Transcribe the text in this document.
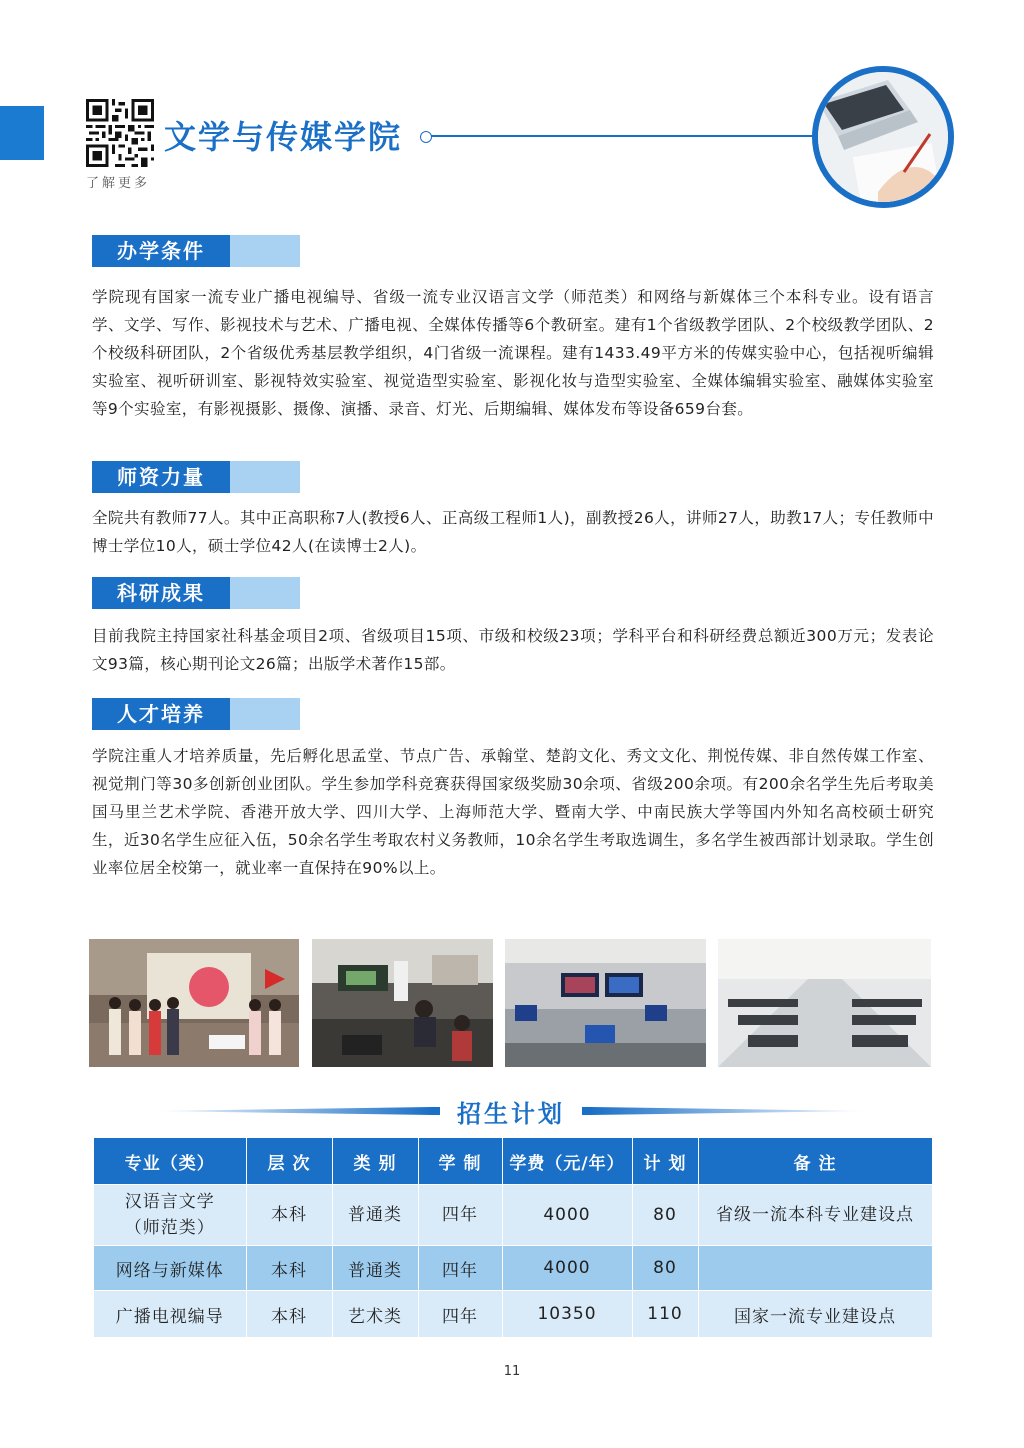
了解更多
文学与传媒学院
办学条件
学院现有国家一流专业广播电视编导、省级一流专业汉语言文学（师范类）和网络与新媒体三个本科专业。设有语言学、文学、写作、影视技术与艺术、广播电视、全媒体传播等6个教研室。建有1个省级教学团队、2个校级教学团队、2个校级科研团队，2个省级优秀基层教学组织，4门省级一流课程。建有1433.49平方米的传媒实验中心，包括视听编辑实验室、视听研训室、影视特效实验室、视觉造型实验室、影视化妆与造型实验室、全媒体编辑实验室、融媒体实验室等9个实验室，有影视摄影、摄像、演播、录音、灯光、后期编辑、媒体发布等设备659台套。
师资力量
全院共有教师77人。其中正高职称7人(教授6人、正高级工程师1人)，副教授26人，讲师27人，助教17人；专任教师中博士学位10人，硕士学位42人(在读博士2人)。
科研成果
目前我院主持国家社科基金项目2项、省级项目15项、市级和校级23项；学科平台和科研经费总额近300万元；发表论文93篇，核心期刊论文26篇；出版学术著作15部。
人才培养
学院注重人才培养质量，先后孵化思孟堂、节点广告、承翰堂、楚韵文化、秀文文化、荆悦传媒、非自然传媒工作室、视觉荆门等30多创新创业团队。学生参加学科竞赛获得国家级奖励30余项、省级200余项。有200余名学生先后考取美国马里兰艺术学院、香港开放大学、四川大学、上海师范大学、暨南大学、中南民族大学等国内外知名高校硕士研究生，近30名学生应征入伍，50余名学生考取农村义务教师，10余名学生考取选调生，多名学生被西部计划录取。学生创业率位居全校第一，就业率一直保持在90%以上。
招生计划
专业（类）	层 次	类 别	学 制	学费（元/年）	计 划	备 注
汉语言文学
（师范类）	本科	普通类	四年	4000	80	省级一流本科专业建设点
网络与新媒体	本科	普通类	四年	4000	80	
广播电视编导	本科	艺术类	四年	10350	110	国家一流专业建设点
11
